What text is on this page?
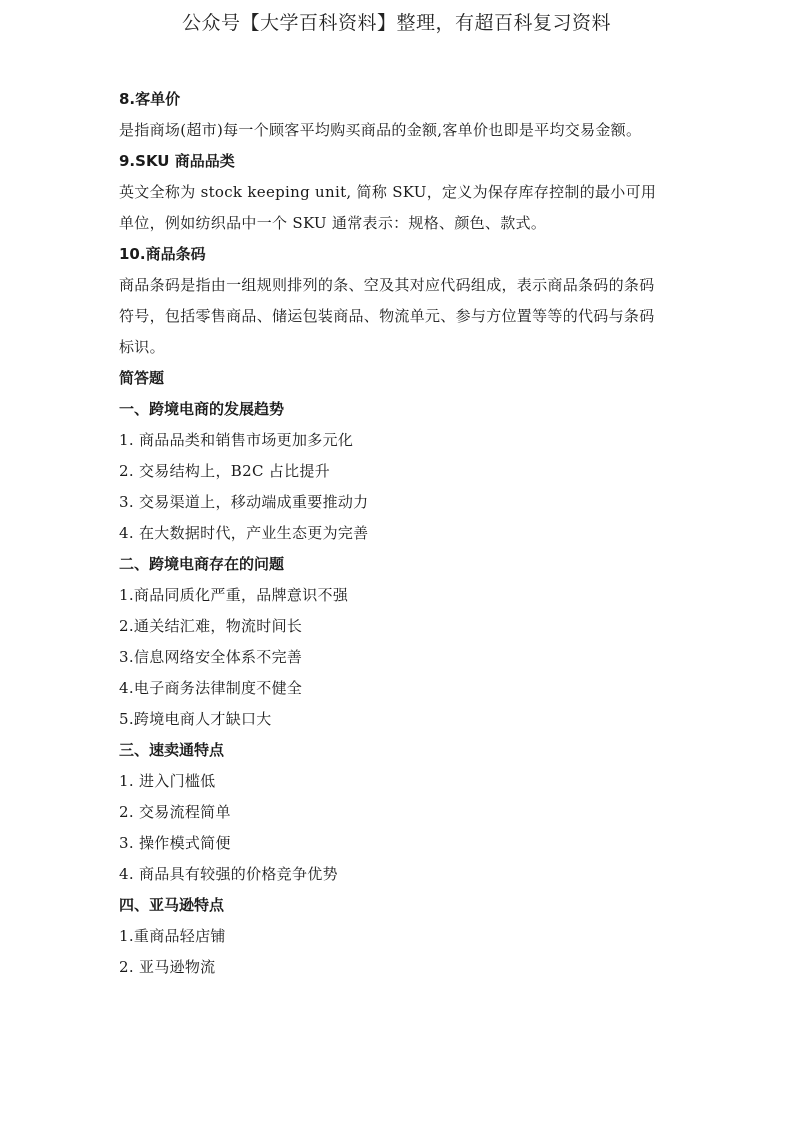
公众号【大学百科资料】整理，有超百科复习资料
8.客单价
是指商场(超市)每一个顾客平均购买商品的金额,客单价也即是平均交易金额。
9.SKU 商品品类
英文全称为 stock keeping unit, 简称 SKU，定义为保存库存控制的最小可用
单位，例如纺织品中一个 SKU 通常表示：规格、颜色、款式。
10.商品条码
商品条码是指由一组规则排列的条、空及其对应代码组成，表示商品条码的条码
符号，包括零售商品、储运包装商品、物流单元、参与方位置等等的代码与条码
标识。
简答题
一、跨境电商的发展趋势
1. 商品品类和销售市场更加多元化
2. 交易结构上，B2C 占比提升
3. 交易渠道上，移动端成重要推动力
4. 在大数据时代，产业生态更为完善
二、跨境电商存在的问题
1.商品同质化严重，品牌意识不强
2.通关结汇难，物流时间长
3.信息网络安全体系不完善
4.电子商务法律制度不健全
5.跨境电商人才缺口大
三、速卖通特点
1. 进入门槛低
2. 交易流程简单
3. 操作模式简便
4. 商品具有较强的价格竞争优势
四、亚马逊特点
1.重商品轻店铺
2. 亚马逊物流
